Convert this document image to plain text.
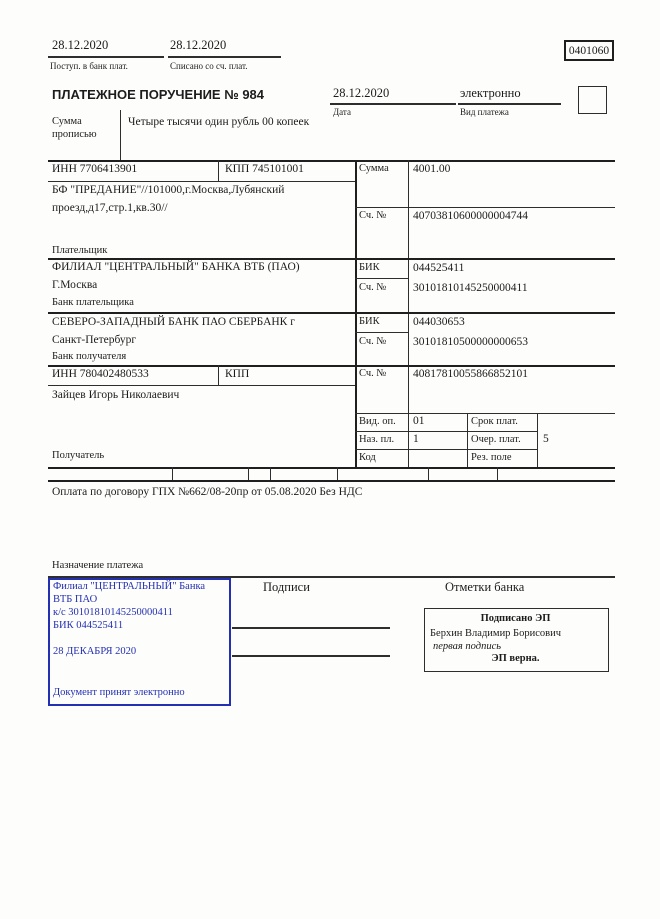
28.12.2020
Поступ. в банк плат.
28.12.2020
Списано со сч. плат.
0401060
ПЛАТЕЖНОЕ ПОРУЧЕНИЕ № 984	28.12.2020
Дата
электронно
Вид платежа
Сумма
прописью
Четыре тысячи один рубль 00 копеек
ИНН 7706413901	КПП 745101001
БФ "ПРЕДАНИЕ"//101000,г.Москва,Лубянский
проезд,д17,стр.1,кв.30//
Плательщик
Сумма 4001.00
Сч. № 40703810600000004744
ФИЛИАЛ "ЦЕНТРАЛЬНЫЙ" БАНКА ВТБ (ПАО)
Г.Москва
Банк плательщика
БИК	044525411
Сч. № 30101810145250000411
СЕВЕРО-ЗАПАДНЫЙ БАНК ПАО СБЕРБАНК г
Санкт-Петербург
Банк получателя
БИК	044030653
Сч. № 30101810500000000653
ИНН 780402480533	КПП
Зайцев Игорь Николаевич
Получатель
Сч. № 40817810055866852101
Вид. оп. 01	Срок плат.
Наз. пл. 1	Очер. плат. 5
Код	Рез. поле
Оплата по договору ГПХ №662/08-20пр от 05.08.2020 Без НДС
Назначение платежа
Филиал "ЦЕНТРАЛЬНЫЙ" Банка
ВТБ ПАО
к/с 30101810145250000411
БИК 044525411
28 ДЕКАБРЯ 2020
Документ принят электронно
Подписи	Отметки банка
Подписано ЭП
Берхин Владимир Борисович
первая подпись
ЭП верна.
